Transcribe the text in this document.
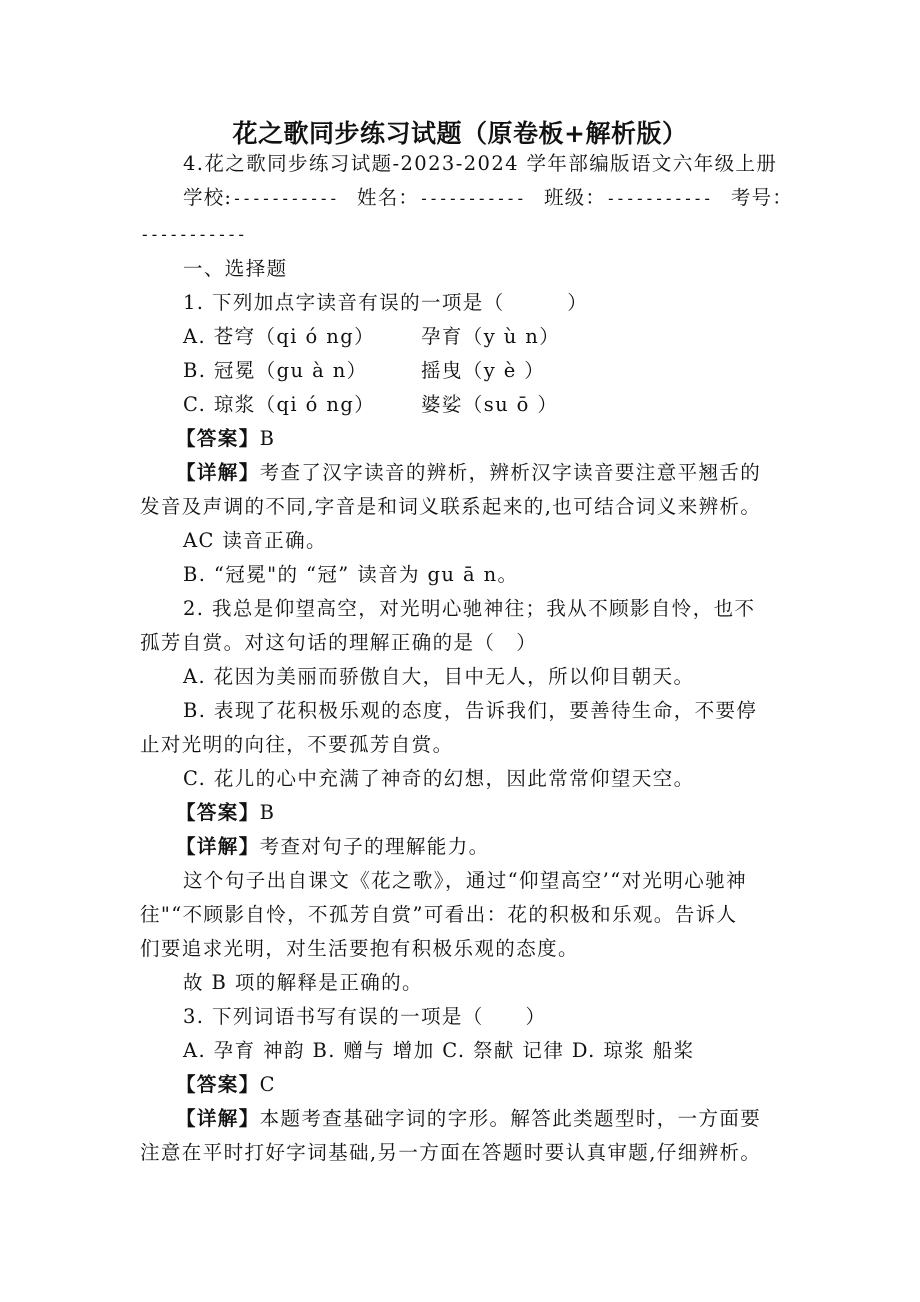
花之歌同步练习试题（原卷板+解析版）
4.花之歌同步练习试题-2023-2024 学年部编版语文六年级上册
学校:----------- 姓名：----------- 班级：----------- 考号：
-----------
一、选择题
1. 下列加点字读音有误的一项是（　　　）
A. 苍穹（qi ó ng） 孕育（y ù n）
B. 冠冕（gu à n）	摇曳（y è ）
C. 琼浆（qi ó ng） 婆娑（su ō ）
【答案】B
【详解】考查了汉字读音的辨析，辨析汉字读音要注意平翘舌的
发音及声调的不同,字音是和词义联系起来的,也可结合词义来辨析。
AC 读音正确。
B. “冠冕"的 “冠” 读音为 gu ā n。
2. 我总是仰望高空，对光明心驰神往；我从不顾影自怜，也不
孤芳自赏。对这句话的理解正确的是（　）
A. 花因为美丽而骄傲自大，目中无人，所以仰目朝天。
B. 表现了花积极乐观的态度，告诉我们，要善待生命，不要停
止对光明的向往，不要孤芳自赏。
C. 花儿的心中充满了神奇的幻想，因此常常仰望天空。
【答案】B
【详解】考查对句子的理解能力。
这个句子出自课文《花之歌》，通过“仰望高空’“对光明心驰神
往"“不顾影自怜，不孤芳自赏”可看出：花的积极和乐观。告诉人
们要追求光明，对生活要抱有积极乐观的态度。
故 B 项的解释是正确的。
3. 下列词语书写有误的一项是（　　）
A. 孕育 神韵 B. 赠与 增加 C. 祭献 记律 D. 琼浆 船桨
【答案】C
【详解】本题考查基础字词的字形。解答此类题型时，一方面要
注意在平时打好字词基础,另一方面在答题时要认真审题,仔细辨析。
